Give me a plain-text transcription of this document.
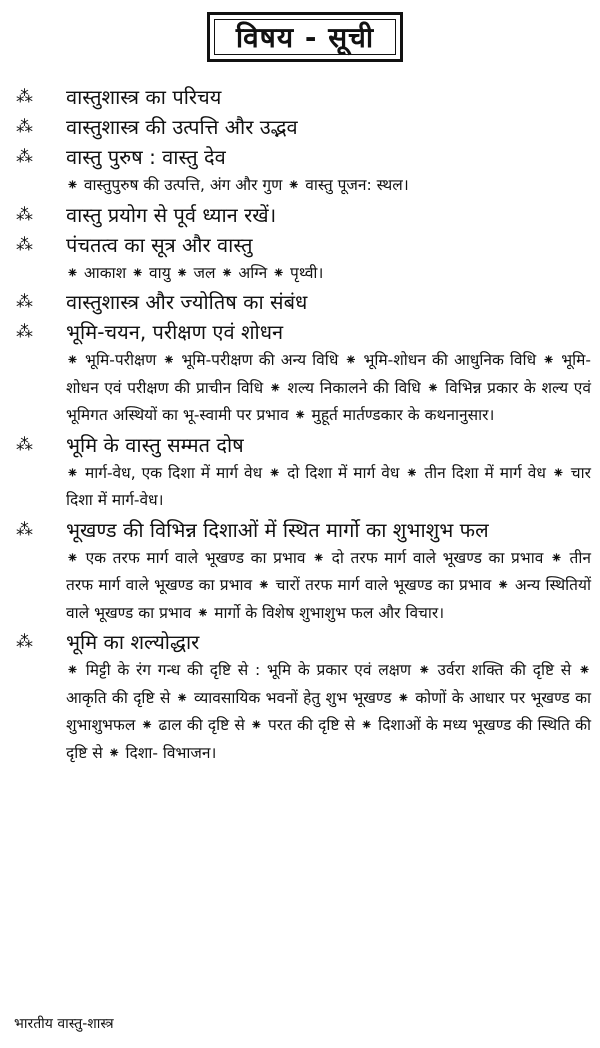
विषय - सूची
⁂	वास्तुशास्त्र का परिचय
⁂	वास्तुशास्त्र की उत्पत्ति और उद्भव
⁂	वास्तु पुरुष : वास्तु देव
⁕ वास्तुपुरुष की उत्पत्ति, अंग और गुण ⁕ वास्तु पूजन: स्थल।
⁂	वास्तु प्रयोग से पूर्व ध्यान रखें।
⁂	पंचतत्व का सूत्र और वास्तु
⁕ आकाश ⁕ वायु ⁕ जल ⁕ अग्नि ⁕ पृथ्वी।
⁂	वास्तुशास्त्र और ज्योतिष का संबंध
⁂	भूमि-चयन, परीक्षण एवं शोधन
⁕ भूमि-परीक्षण ⁕ भूमि-परीक्षण की अन्य विधि ⁕ भूमि-शोधन की आधुनिक विधि ⁕ भूमि-शोधन एवं परीक्षण की प्राचीन विधि ⁕ शल्य निकालने की विधि ⁕ विभिन्न प्रकार के शल्य एवं भूमिगत अस्थियों का भू-स्वामी पर प्रभाव ⁕ मुहूर्त मार्तण्डकार के कथनानुसार।
⁂	भूमि के वास्तु सम्मत दोष
⁕ मार्ग-वेध, एक दिशा में मार्ग वेध ⁕ दो दिशा में मार्ग वेध ⁕ तीन दिशा में मार्ग वेध ⁕ चार दिशा में मार्ग-वेध।
⁂	भूखण्ड की विभिन्न दिशाओं में स्थित मार्गो का शुभाशुभ फल
⁕ एक तरफ मार्ग वाले भूखण्ड का प्रभाव ⁕ दो तरफ मार्ग वाले भूखण्ड का प्रभाव ⁕ तीन तरफ मार्ग वाले भूखण्ड का प्रभाव ⁕ चारों तरफ मार्ग वाले भूखण्ड का प्रभाव ⁕ अन्य स्थितियों वाले भूखण्ड का प्रभाव ⁕ मार्गो के विशेष शुभाशुभ फल और विचार।
⁂	भूमि का शल्योद्धार
⁕ मिट्टी के रंग गन्ध की दृष्टि से : भूमि के प्रकार एवं लक्षण ⁕ उर्वरा शक्ति की दृष्टि से ⁕ आकृति की दृष्टि से ⁕ व्यावसायिक भवनों हेतु शुभ भूखण्ड ⁕ कोणों के आधार पर भूखण्ड का शुभाशुभफल ⁕ ढाल की दृष्टि से ⁕ परत की दृष्टि से ⁕ दिशाओं के मध्य भूखण्ड की स्थिति की दृष्टि से ⁕ दिशा- विभाजन।
भारतीय वास्तु-शास्त्र
